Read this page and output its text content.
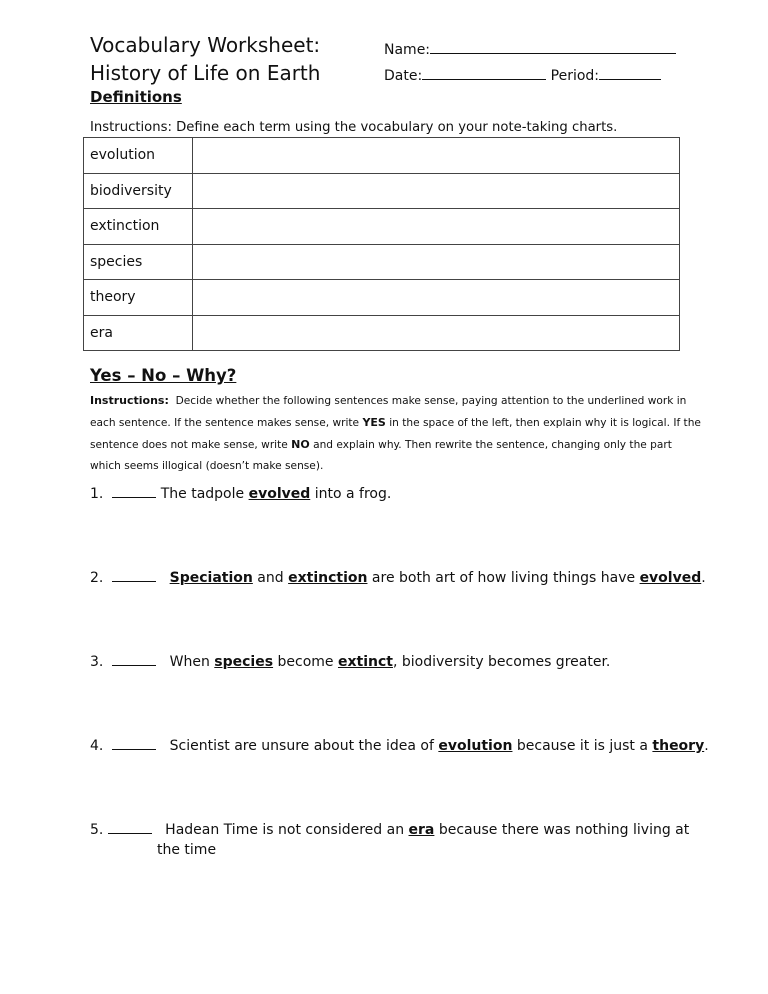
Vocabulary Worksheet:
History of Life on Earth
Name:
Date:	Period:
Definitions
Instructions: Define each term using the vocabulary on your note-taking charts.
evolution	
biodiversity	
extinction	
species	
theory	
era	
Yes – No – Why?
Instructions: Decide whether the following sentences make sense, paying attention to the underlined work in each sentence. If the sentence makes sense, write YES in the space of the left, then explain why it is logical. If the sentence does not make sense, write NO and explain why. Then rewrite the sentence, changing only the part which seems illogical (doesn’t make sense).
1.	The tadpole evolved into a frog.
2.	Speciation and extinction are both art of how living things have evolved.
3.	When species become extinct, biodiversity becomes greater.
4.	Scientist are unsure about the idea of evolution because it is just a theory.
5.	Hadean Time is not considered an era because there was nothing living at
the time
